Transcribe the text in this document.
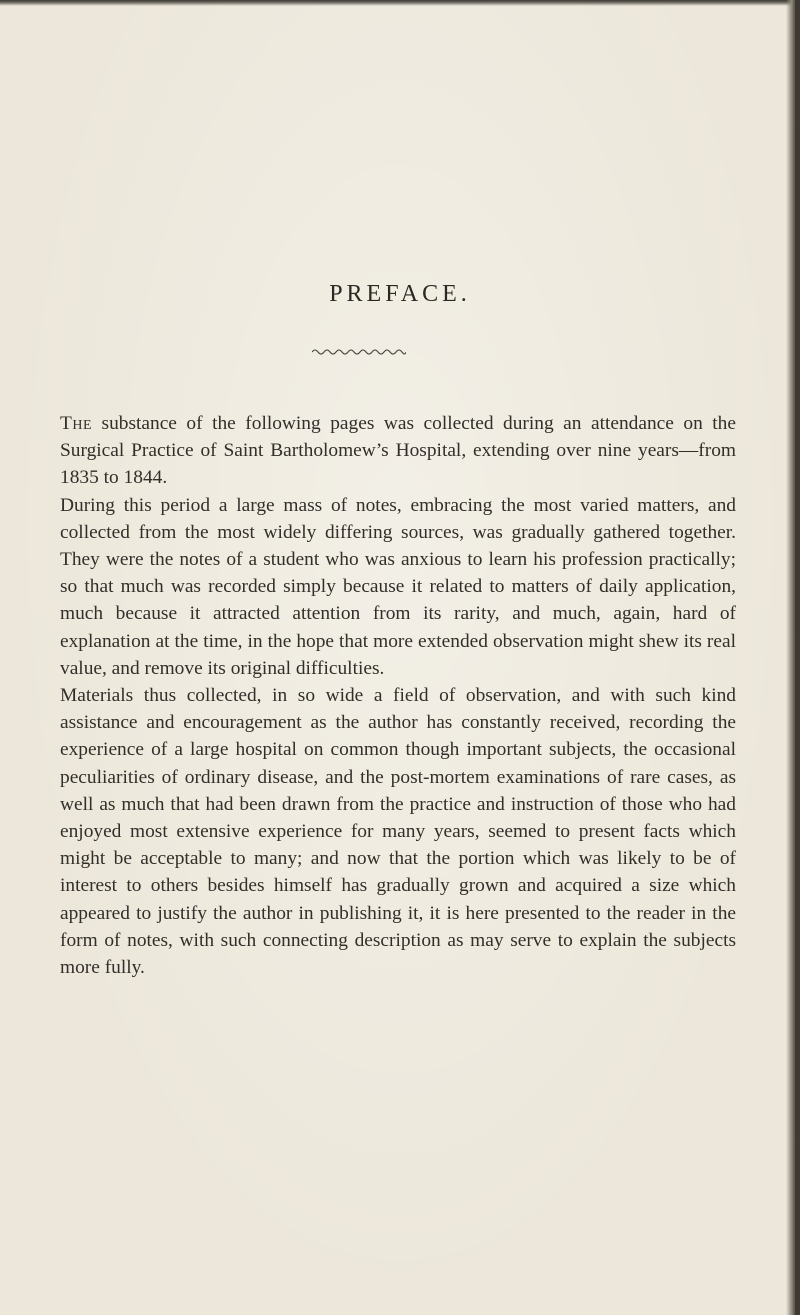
PREFACE.

The substance of the following pages was collected during an attendance on the Surgical Practice of Saint Bartholomew’s Hospital, extending over nine years—from 1835 to 1844.

During this period a large mass of notes, embracing the most varied matters, and collected from the most widely differing sources, was gradually gathered together. They were the notes of a student who was anxious to learn his profession practically; so that much was recorded simply because it related to matters of daily application, much because it attracted attention from its rarity, and much, again, hard of explanation at the time, in the hope that more extended observation might shew its real value, and remove its original difficulties.

Materials thus collected, in so wide a field of observation, and with such kind assistance and encouragement as the author has constantly received, recording the experience of a large hospital on common though important subjects, the occasional peculiarities of ordinary disease, and the post-mortem examinations of rare cases, as well as much that had been drawn from the practice and instruction of those who had enjoyed most extensive experience for many years, seemed to present facts which might be acceptable to many; and now that the portion which was likely to be of interest to others besides himself has gradually grown and acquired a size which appeared to justify the author in publishing it, it is here presented to the reader in the form of notes, with such connecting description as may serve to explain the subjects more fully.
